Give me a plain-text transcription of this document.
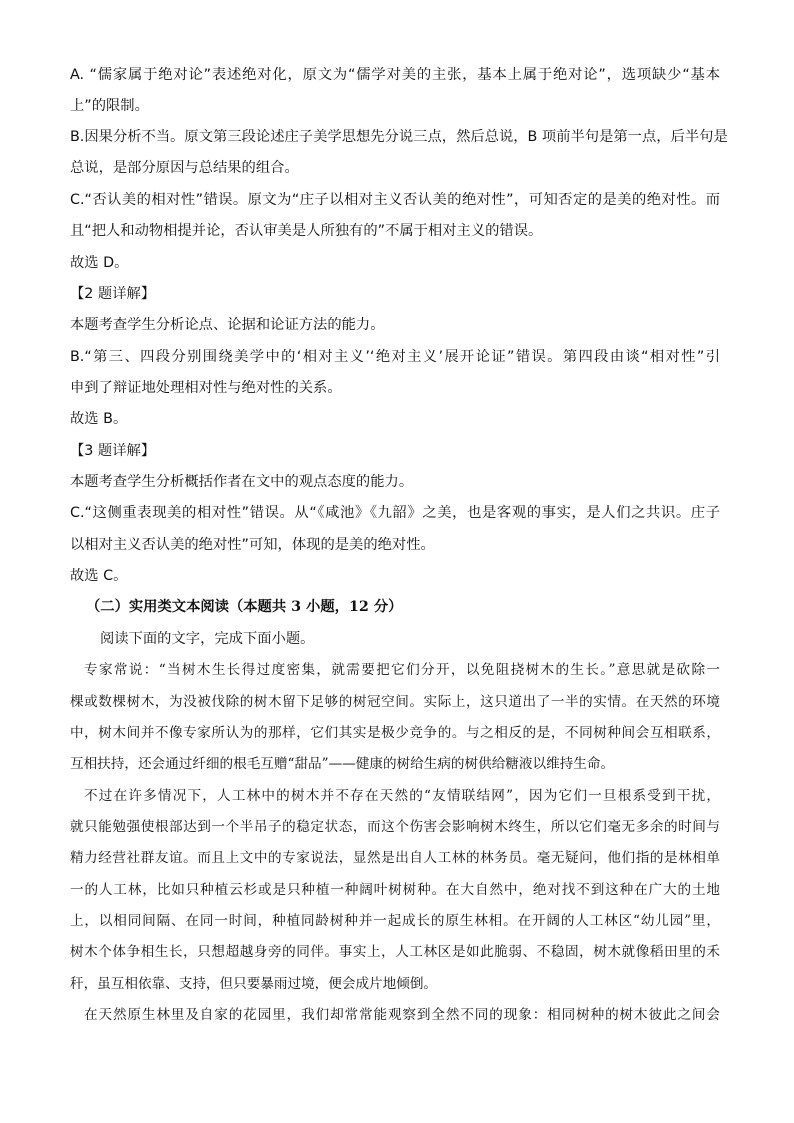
A. “儒家属于绝对论”表述绝对化，原文为“儒学对美的主张，基本上属于绝对论”，选项缺少“基本
上”的限制。
B.因果分析不当。原文第三段论述庄子美学思想先分说三点，然后总说，B 项前半句是第一点，后半句是
总说，是部分原因与总结果的组合。
C.“否认美的相对性”错误。原文为“庄子以相对主义否认美的绝对性”，可知否定的是美的绝对性。而
且“把人和动物相提并论，否认审美是人所独有的”不属于相对主义的错误。
故选 D。
【2 题详解】
本题考查学生分析论点、论据和论证方法的能力。
B.“第三、四段分别围绕美学中的‘相对主义’‘绝对主义’展开论证”错误。第四段由谈“相对性”引
申到了辩证地处理相对性与绝对性的关系。
故选 B。
【3 题详解】
本题考查学生分析概括作者在文中的观点态度的能力。
C.“这侧重表现美的相对性”错误。从“《咸池》《九韶》之美，也是客观的事实，是人们之共识。庄子
以相对主义否认美的绝对性”可知，体现的是美的绝对性。
故选 C。
（二）实用类文本阅读（本题共 3 小题，12 分）
阅读下面的文字，完成下面小题。
专家常说：“当树木生长得过度密集，就需要把它们分开，以免阻挠树木的生长。”意思就是砍除一
棵或数棵树木，为没被伐除的树木留下足够的树冠空间。实际上，这只道出了一半的实情。在天然的环境
中，树木间并不像专家所认为的那样，它们其实是极少竞争的。与之相反的是，不同树种间会互相联系，
互相扶持，还会通过纤细的根毛互赠“甜品”——健康的树给生病的树供给糖液以维持生命。
不过在许多情况下，人工林中的树木并不存在天然的“友情联结网”，因为它们一旦根系受到干扰，
就只能勉强使根部达到一个半吊子的稳定状态，而这个伤害会影响树木终生，所以它们毫无多余的时间与
精力经营社群友谊。而且上文中的专家说法，显然是出自人工林的林务员。毫无疑问，他们指的是林相单
一的人工林，比如只种植云杉或是只种植一种阔叶树树种。在大自然中，绝对找不到这种在广大的土地
上，以相同间隔、在同一时间，种植同龄树种并一起成长的原生林相。在开阔的人工林区“幼儿园”里，
树木个体争相生长，只想超越身旁的同伴。事实上，人工林区是如此脆弱、不稳固，树木就像稻田里的禾
秆，虽互相依靠、支持，但只要暴雨过境，便会成片地倾倒。
在天然原生林里及自家的花园里，我们却常常能观察到全然不同的现象：相同树种的树木彼此之间会
